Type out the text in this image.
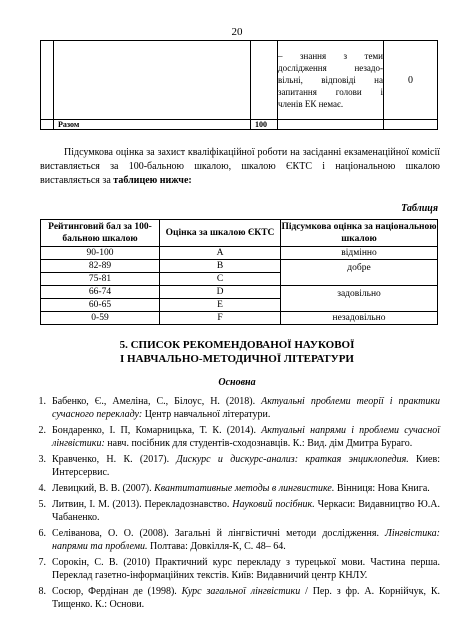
20

			– знання з теми
дослідження незадо-
вільні, відповіді на
запитання голови і
членів ЕК немає.	0
	Разом	100		
Підсумкова оцінка за захист кваліфікаційної роботи на засіданні екзаменаційної комісії виставляється за 100-бальною шкалою, шкалою ЄКТС і національною шкалою виставляється за таблицею нижче:
Таблиця
Рейтинговий бал за 100-бальною шкалою	Оцінка за шкалою ЄКТС	Підсумкова оцінка за національною шкалою
90-100	A	відмінно
82-89	B	добре

75-81	C	
66-74	D	задовільно

60-65	E	
0-59	F	незадовільно
5. СПИСОК РЕКОМЕНДОВАНОЇ НАУКОВОЇ
І НАВЧАЛЬНО-МЕТОДИЧНОЇ ЛІТЕРАТУРИ
Основна
1. Бабенко, Є., Амеліна, С., Білоус, Н. (2018). Актуальні проблеми теорії і практики сучасного перекладу: Центр навчальної літератури.
2. Бондаренко, І. П, Комарницька, Т. К. (2014). Актуальні напрями і проблеми сучасної лінгвістики: навч. посібник для студентів-сходознавців. К.: Вид. дім Дмитра Бураго.
3. Кравченко, Н. К. (2017). Дискурс и дискурс-анализ: краткая энциклопедия. Киев: Интерсервис.
4. Левицкий, В. В. (2007). Квантитативные методы в лингвистике. Вінниця: Нова Книга.
5. Литвин, І. М. (2013). Перекладознавство. Науковий посібник. Черкаси: Видавництво Ю.А. Чабаненко.
6. Селіванова, О. О. (2008). Загальні й лінгвістичні методи дослідження. Лінгвістика: напрями та проблеми. Полтава: Довкілля-К, С. 48– 64.
7. Сорокін, С. В. (2010) Практичний курс перекладу з турецької мови. Частина перша. Переклад газетно-інформаційних текстів. Київ: Видавничий центр КНЛУ.
8. Сосюр, Фердінан де (1998). Курс загальної лінгвістики / Пер. з фр. А. Корнійчук, К. Тищенко. К.: Основи.
